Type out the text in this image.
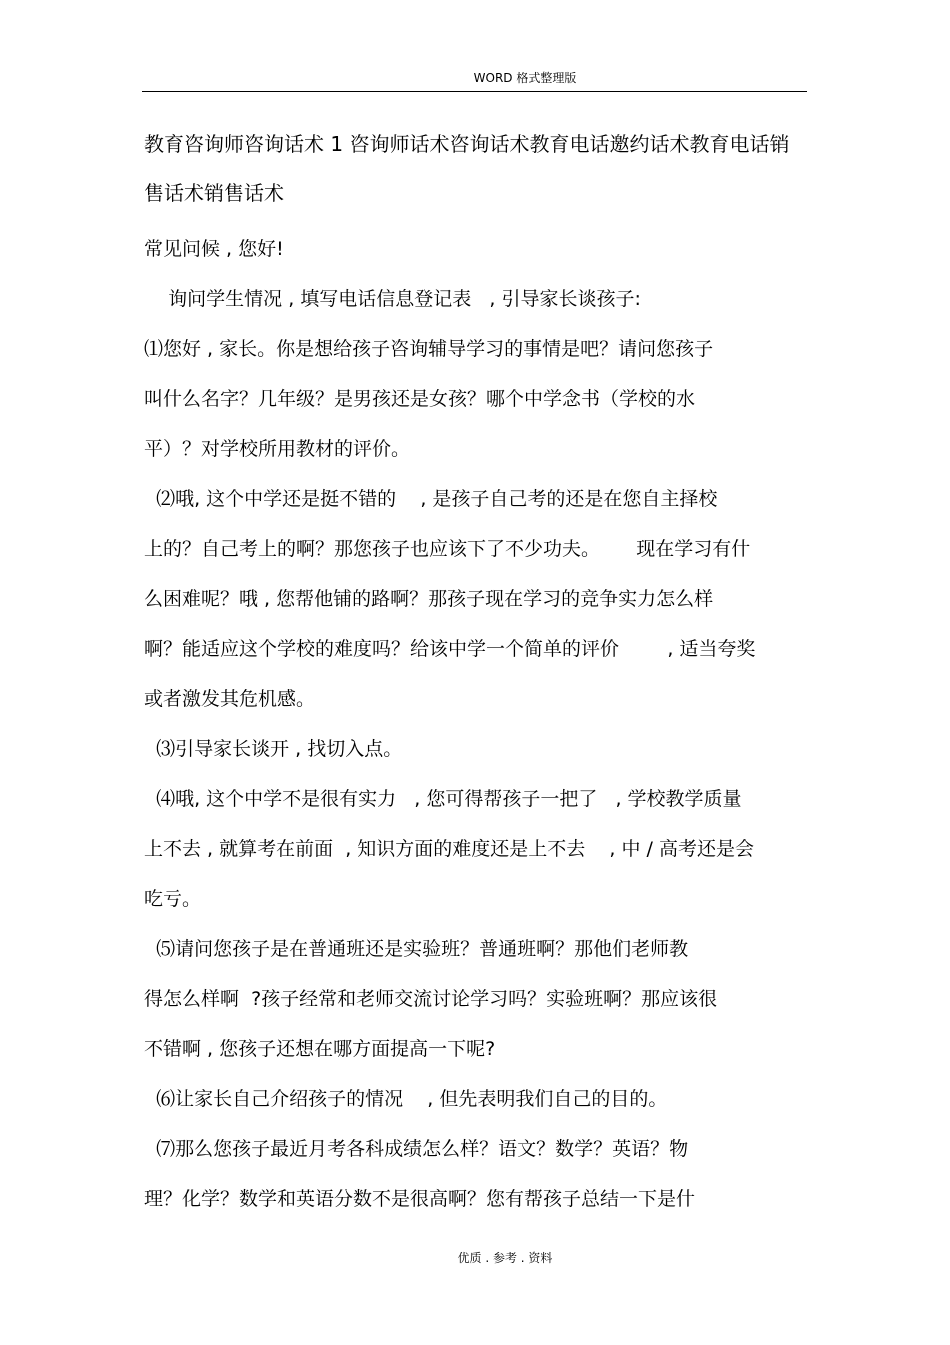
WORD 格式整理版
教育咨询师咨询话术 1 咨询师话术咨询话术教育电话邀约话术教育电话销售话术销售话术
常见问候 , 您好!
询问学生情况 , 填写电话信息登记表   , 引导家长谈孩子:
⑴您好 , 家长。你是想给孩子咨询辅导学习的事情是吧？请问您孩子
叫什么名字？几年级？是男孩还是女孩？哪个中学念书（学校的水
平）？对学校所用教材的评价。
⑵哦, 这个中学还是挺不错的    , 是孩子自己考的还是在您自主择校
上的？自己考上的啊？那您孩子也应该下了不少功夫。      现在学习有什
么困难呢？哦 , 您帮他铺的路啊？那孩子现在学习的竞争实力怎么样
啊？能适应这个学校的难度吗？给该中学一个简单的评价        , 适当夸奖
或者激发其危机感。
⑶引导家长谈开 , 找切入点。
⑷哦, 这个中学不是很有实力   , 您可得帮孩子一把了   , 学校教学质量
上不去 , 就算考在前面  , 知识方面的难度还是上不去    , 中 / 高考还是会
吃亏。
⑸请问您孩子是在普通班还是实验班？普通班啊？那他们老师教
得怎么样啊  ?孩子经常和老师交流讨论学习吗？实验班啊？那应该很
不错啊 , 您孩子还想在哪方面提高一下呢?
⑹让家长自己介绍孩子的情况    , 但先表明我们自己的目的。
⑺那么您孩子最近月考各科成绩怎么样？语文？数学？英语？物
理？化学？数学和英语分数不是很高啊？您有帮孩子总结一下是什
优质 . 参考 . 资料
